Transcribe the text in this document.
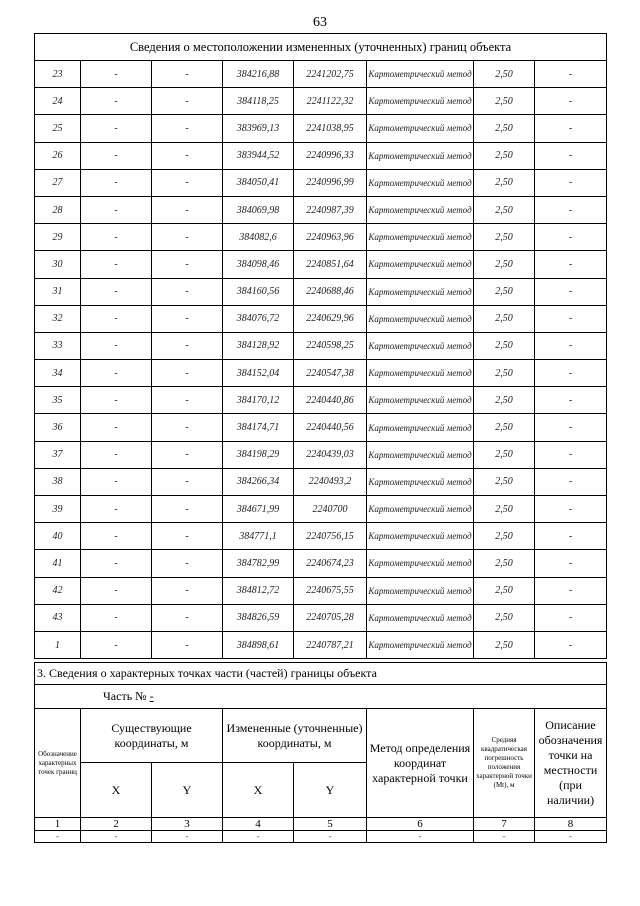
63
Сведения о местоположении измененных (уточненных) границ объекта							
23	-	-	384216,88	2241202,75	Картометрический метод	2,50	-
24	-	-	384118,25	2241122,32	Картометрический метод	2,50	-
25	-	-	383969,13	2241038,95	Картометрический метод	2,50	-
26	-	-	383944,52	2240996,33	Картометрический метод	2,50	-
27	-	-	384050,41	2240996,99	Картометрический метод	2,50	-
28	-	-	384069,98	2240987,39	Картометрический метод	2,50	-
29	-	-	384082,6	2240963,96	Картометрический метод	2,50	-
30	-	-	384098,46	2240851,64	Картометрический метод	2,50	-
31	-	-	384160,56	2240688,46	Картометрический метод	2,50	-
32	-	-	384076,72	2240629,96	Картометрический метод	2,50	-
33	-	-	384128,92	2240598,25	Картометрический метод	2,50	-
34	-	-	384152,04	2240547,38	Картометрический метод	2,50	-
35	-	-	384170,12	2240440,86	Картометрический метод	2,50	-
36	-	-	384174,71	2240440,56	Картометрический метод	2,50	-
37	-	-	384198,29	2240439,03	Картометрический метод	2,50	-
38	-	-	384266,34	2240493,2	Картометрический метод	2,50	-
39	-	-	384671,99	2240700	Картометрический метод	2,50	-
40	-	-	384771,1	2240756,15	Картометрический метод	2,50	-
41	-	-	384782,99	2240674,23	Картометрический метод	2,50	-
42	-	-	384812,72	2240675,55	Картометрический метод	2,50	-
43	-	-	384826,59	2240705,28	Картометрический метод	2,50	-
1	-	-	384898,61	2240787,21	Картометрический метод	2,50	-
3. Сведения о характерных точках части (частей) границы объекта							
Часть № -							
Обозначение характерных точек границ	Существующие координаты, м		Измененные (уточненные) координаты, м		Метод определения координат характерной точки	Средняя квадратическая погрешность положения характерной точки (Mt), м	Описание обозначения точки на местности (при наличии)
	X	Y	X	Y			
1	2	3	4	5	6	7	8
-	-	-	-	-	-	-	-
